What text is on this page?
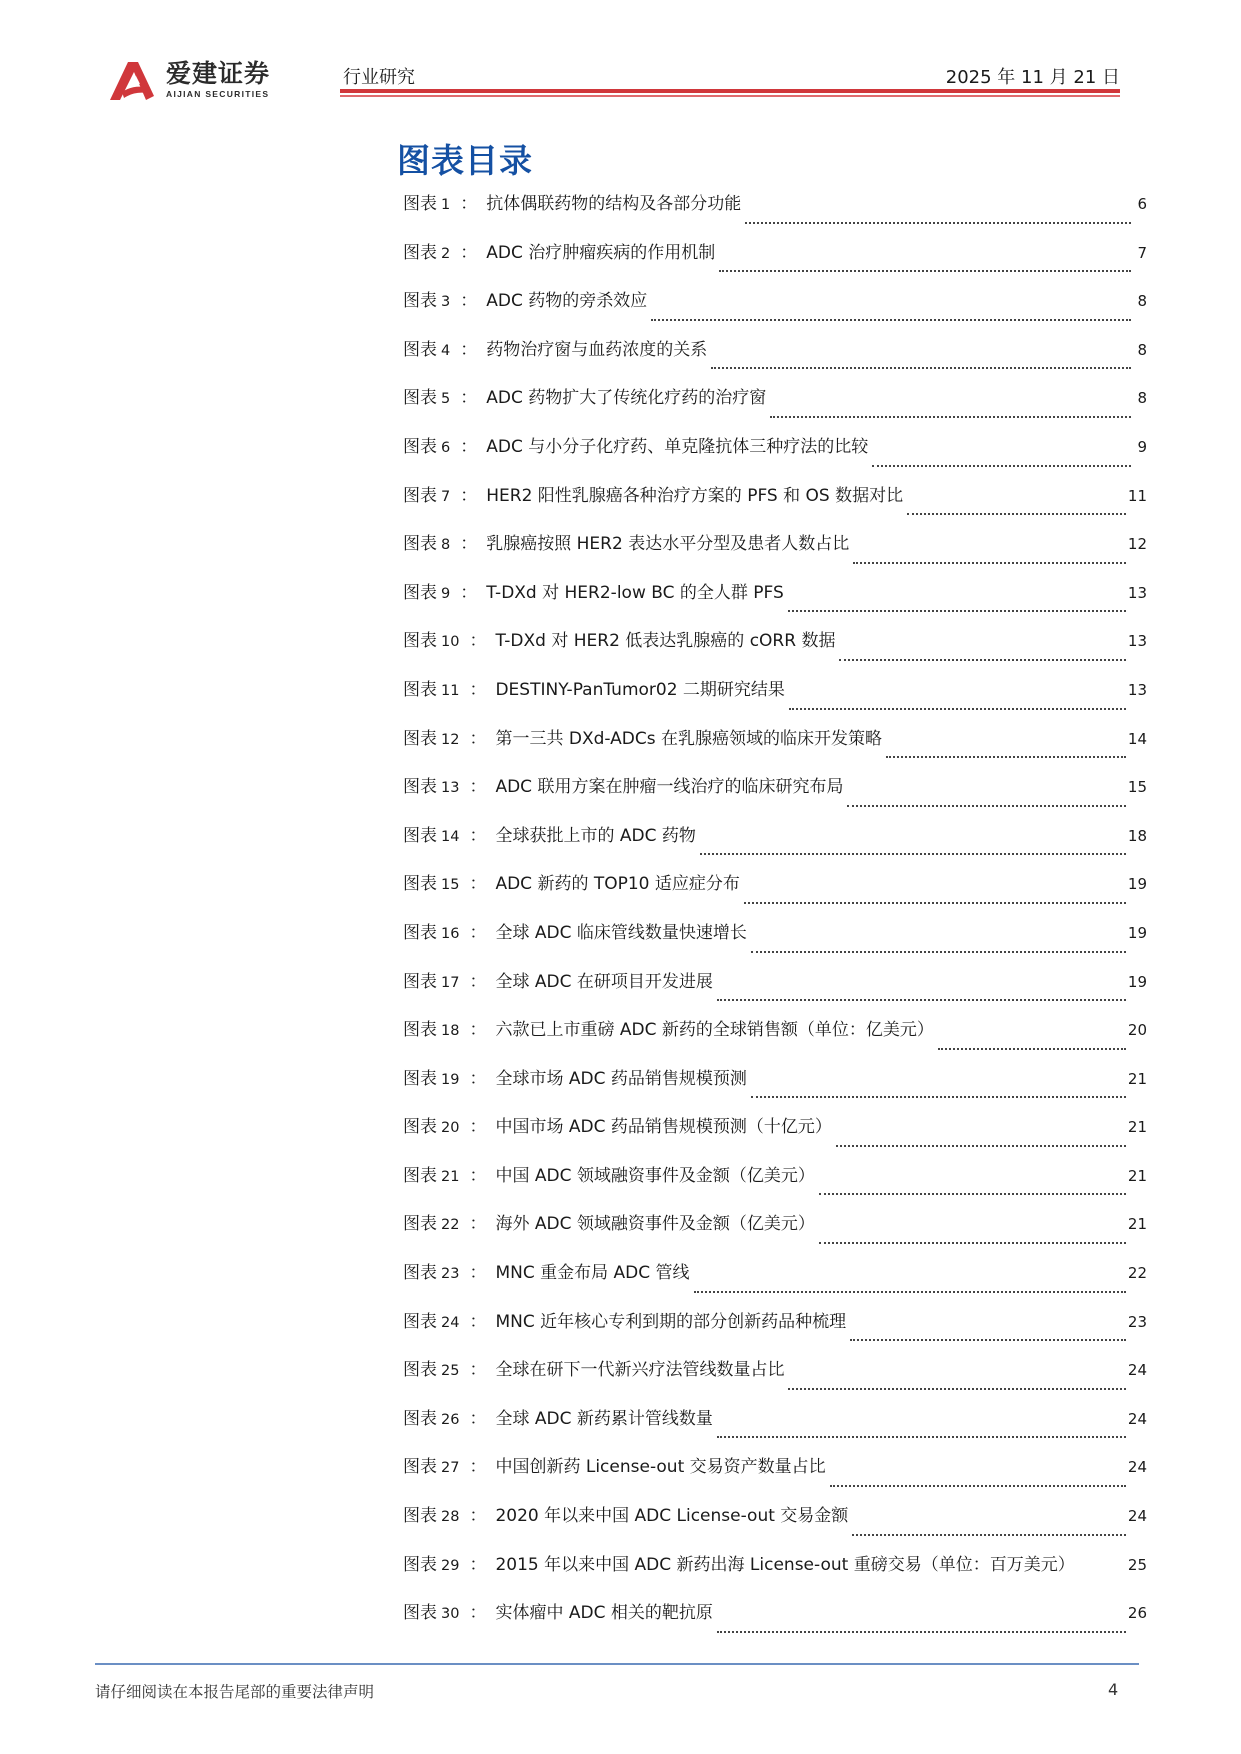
爱建证券
AIJIAN SECURITIES
行业研究	2025 年 11 月 21 日
图表目录
图表 1 ： 抗体偶联药物的结构及各部分功能	6
图表 2 ： ADC 治疗肿瘤疾病的作用机制	7
图表 3 ： ADC 药物的旁杀效应	8
图表 4 ： 药物治疗窗与血药浓度的关系	8
图表 5 ： ADC 药物扩大了传统化疗药的治疗窗	8
图表 6 ： ADC 与小分子化疗药、单克隆抗体三种疗法的比较	9
图表 7 ： HER2 阳性乳腺癌各种治疗方案的 PFS 和 OS 数据对比	11
图表 8 ： 乳腺癌按照 HER2 表达水平分型及患者人数占比	12
图表 9 ： T-DXd 对 HER2-low BC 的全人群 PFS	13
图表 10 ： T-DXd 对 HER2 低表达乳腺癌的 cORR 数据	13
图表 11 ： DESTINY-PanTumor02 二期研究结果	13
图表 12 ： 第一三共 DXd-ADCs 在乳腺癌领域的临床开发策略	14
图表 13 ： ADC 联用方案在肿瘤一线治疗的临床研究布局	15
图表 14 ： 全球获批上市的 ADC 药物	18
图表 15 ： ADC 新药的 TOP10 适应症分布	19
图表 16 ： 全球 ADC 临床管线数量快速增长	19
图表 17 ： 全球 ADC 在研项目开发进展	19
图表 18 ： 六款已上市重磅 ADC 新药的全球销售额（单位：亿美元）	20
图表 19 ： 全球市场 ADC 药品销售规模预测	21
图表 20 ： 中国市场 ADC 药品销售规模预测（十亿元）	21
图表 21 ： 中国 ADC 领域融资事件及金额（亿美元）	21
图表 22 ： 海外 ADC 领域融资事件及金额（亿美元）	21
图表 23 ： MNC 重金布局 ADC 管线	22
图表 24 ： MNC 近年核心专利到期的部分创新药品种梳理	23
图表 25 ： 全球在研下一代新兴疗法管线数量占比	24
图表 26 ： 全球 ADC 新药累计管线数量	24
图表 27 ： 中国创新药 License-out 交易资产数量占比	24
图表 28 ： 2020 年以来中国 ADC License-out 交易金额	24
图表 29 ： 2015 年以来中国 ADC 新药出海 License-out 重磅交易（单位：百万美元）	25
图表 30 ： 实体瘤中 ADC 相关的靶抗原	26
请仔细阅读在本报告尾部的重要法律声明	4
